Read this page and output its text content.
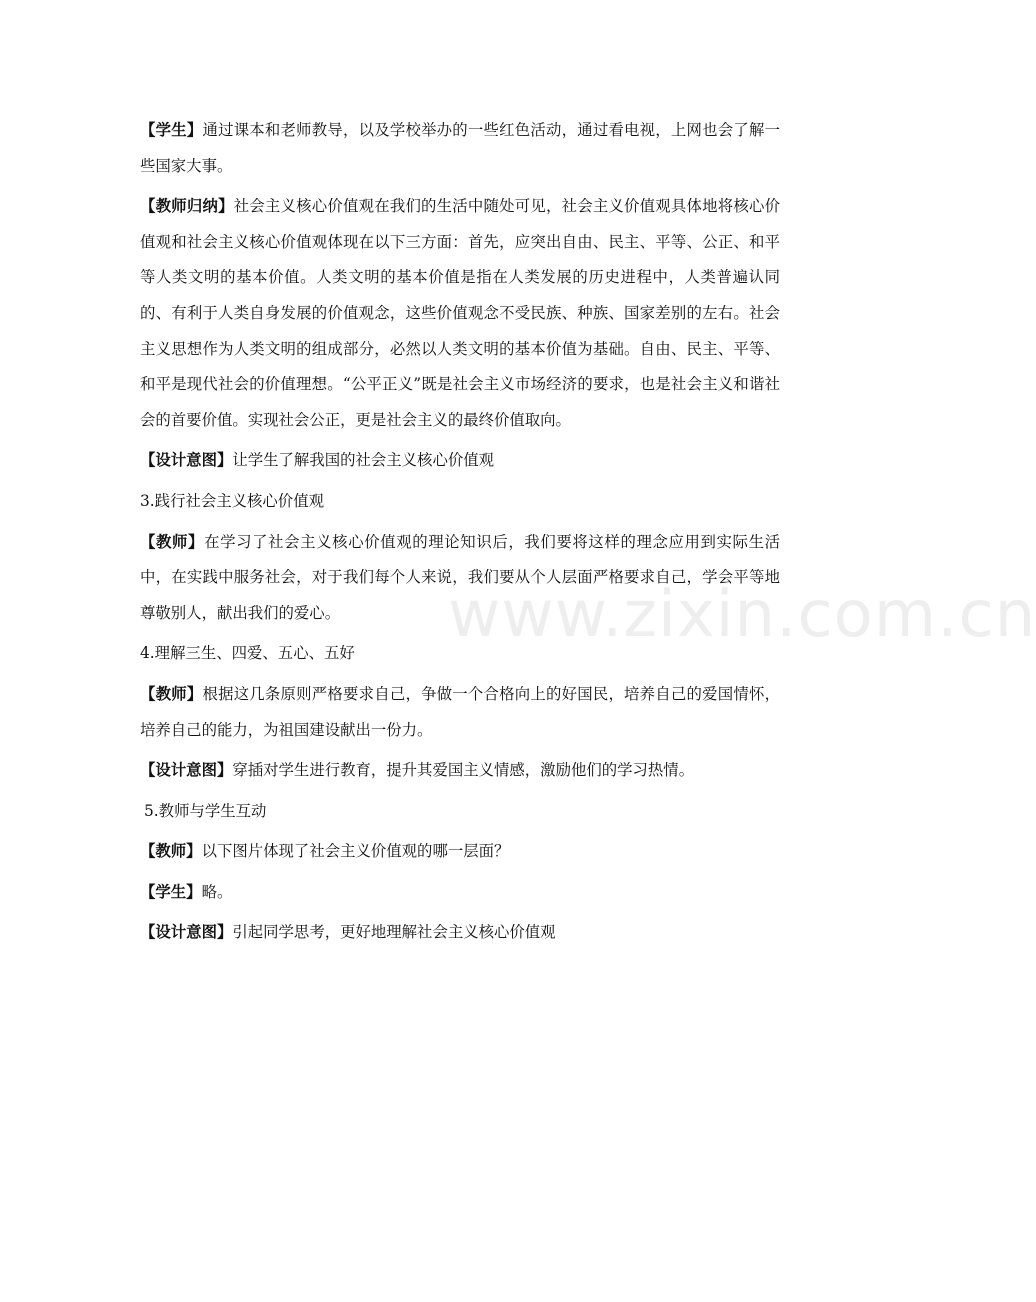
【学生】通过课本和老师教导，以及学校举办的一些红色活动，通过看电视，上网也会了解一些国家大事。

【教师归纳】社会主义核心价值观在我们的生活中随处可见，社会主义价值观具体地将核心价值观和社会主义核心价值观体现在以下三方面：首先，应突出自由、民主、平等、公正、和平等人类文明的基本价值。人类文明的基本价值是指在人类发展的历史进程中，人类普遍认同的、有利于人类自身发展的价值观念，这些价值观念不受民族、种族、国家差别的左右。社会主义思想作为人类文明的组成部分，必然以人类文明的基本价值为基础。自由、民主、平等、和平是现代社会的价值理想。“公平正义”既是社会主义市场经济的要求，也是社会主义和谐社会的首要价值。实现社会公正，更是社会主义的最终价值取向。

【设计意图】让学生了解我国的社会主义核心价值观

3.践行社会主义核心价值观

【教师】在学习了社会主义核心价值观的理论知识后，我们要将这样的理念应用到实际生活中，在实践中服务社会，对于我们每个人来说，我们要从个人层面严格要求自己，学会平等地尊敬别人，献出我们的爱心。

4.理解三生、四爱、五心、五好

【教师】根据这几条原则严格要求自己，争做一个合格向上的好国民，培养自己的爱国情怀，培养自己的能力，为祖国建设献出一份力。

【设计意图】穿插对学生进行教育，提升其爱国主义情感，激励他们的学习热情。

5.教师与学生互动

【教师】以下图片体现了社会主义价值观的哪一层面？

【学生】略。

【设计意图】引起同学思考，更好地理解社会主义核心价值观

www.zixin.com.cn
